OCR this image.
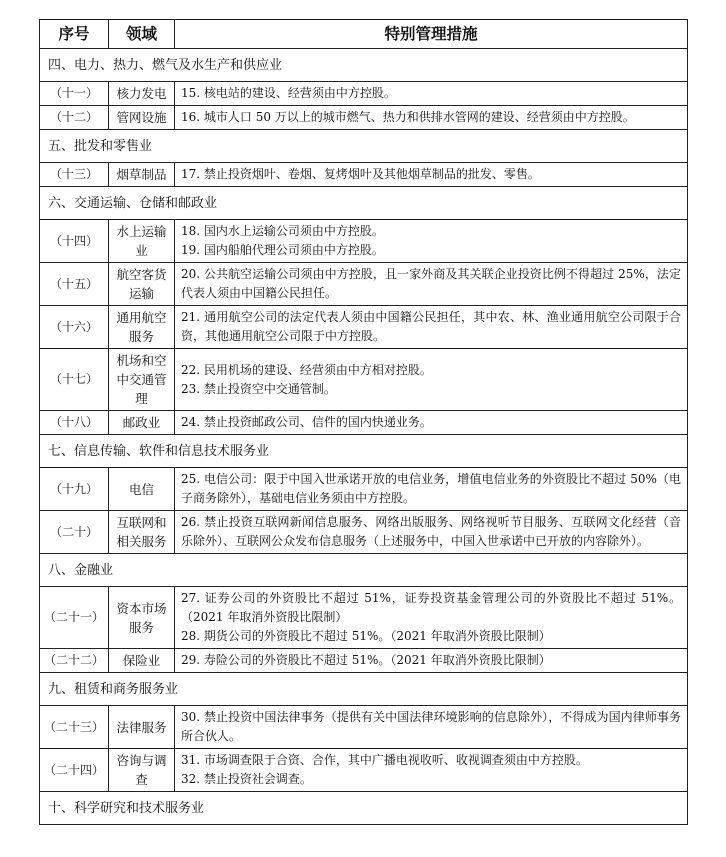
序号	领域	特别管理措施
四、电力、热力、燃气及水生产和供应业		
（十一）	核力发电	15. 核电站的建设、经营须由中方控股。

（十二）	管网设施	16. 城市人口 50 万以上的城市燃气、热力和供排水管网的建设、经营须由中方控股。

五、批发和零售业		
（十三）	烟草制品	17. 禁止投资烟叶、卷烟、复烤烟叶及其他烟草制品的批发、零售。

六、交通运输、仓储和邮政业		
（十四）	水上运输业	18. 国内水上运输公司须由中方控股。
19. 国内船舶代理公司须由中方控股。

（十五）	航空客货运输	20. 公共航空运输公司须由中方控股，且一家外商及其关联企业投资比例不得超过 25%，法定代表人须由中国籍公民担任。

（十六）	通用航空服务	21. 通用航空公司的法定代表人须由中国籍公民担任，其中农、林、渔业通用航空公司限于合资，其他通用航空公司限于中方控股。

（十七）	机场和空中交通管理	22. 民用机场的建设、经营须由中方相对控股。
23. 禁止投资空中交通管制。

（十八）	邮政业	24. 禁止投资邮政公司、信件的国内快递业务。

七、信息传输、软件和信息技术服务业		
（十九）	电信	25. 电信公司：限于中国入世承诺开放的电信业务，增值电信业务的外资股比不超过 50%（电子商务除外），基础电信业务须由中方控股。

（二十）	互联网和相关服务	26. 禁止投资互联网新闻信息服务、网络出版服务、网络视听节目服务、互联网文化经营（音乐除外）、互联网公众发布信息服务（上述服务中，中国入世承诺中已开放的内容除外）。

八、金融业		
（二十一）	资本市场服务	27. 证券公司的外资股比不超过 51%，证券投资基金管理公司的外资股比不超过 51%。（2021 年取消外资股比限制）
28. 期货公司的外资股比不超过 51%。（2021 年取消外资股比限制）

（二十二）	保险业	29. 寿险公司的外资股比不超过 51%。（2021 年取消外资股比限制）

九、租赁和商务服务业		
（二十三）	法律服务	30. 禁止投资中国法律事务（提供有关中国法律环境影响的信息除外），不得成为国内律师事务所合伙人。

（二十四）	咨询与调查	31. 市场调查限于合资、合作，其中广播电视收听、收视调查须由中方控股。
32. 禁止投资社会调查。

十、科学研究和技术服务业		
